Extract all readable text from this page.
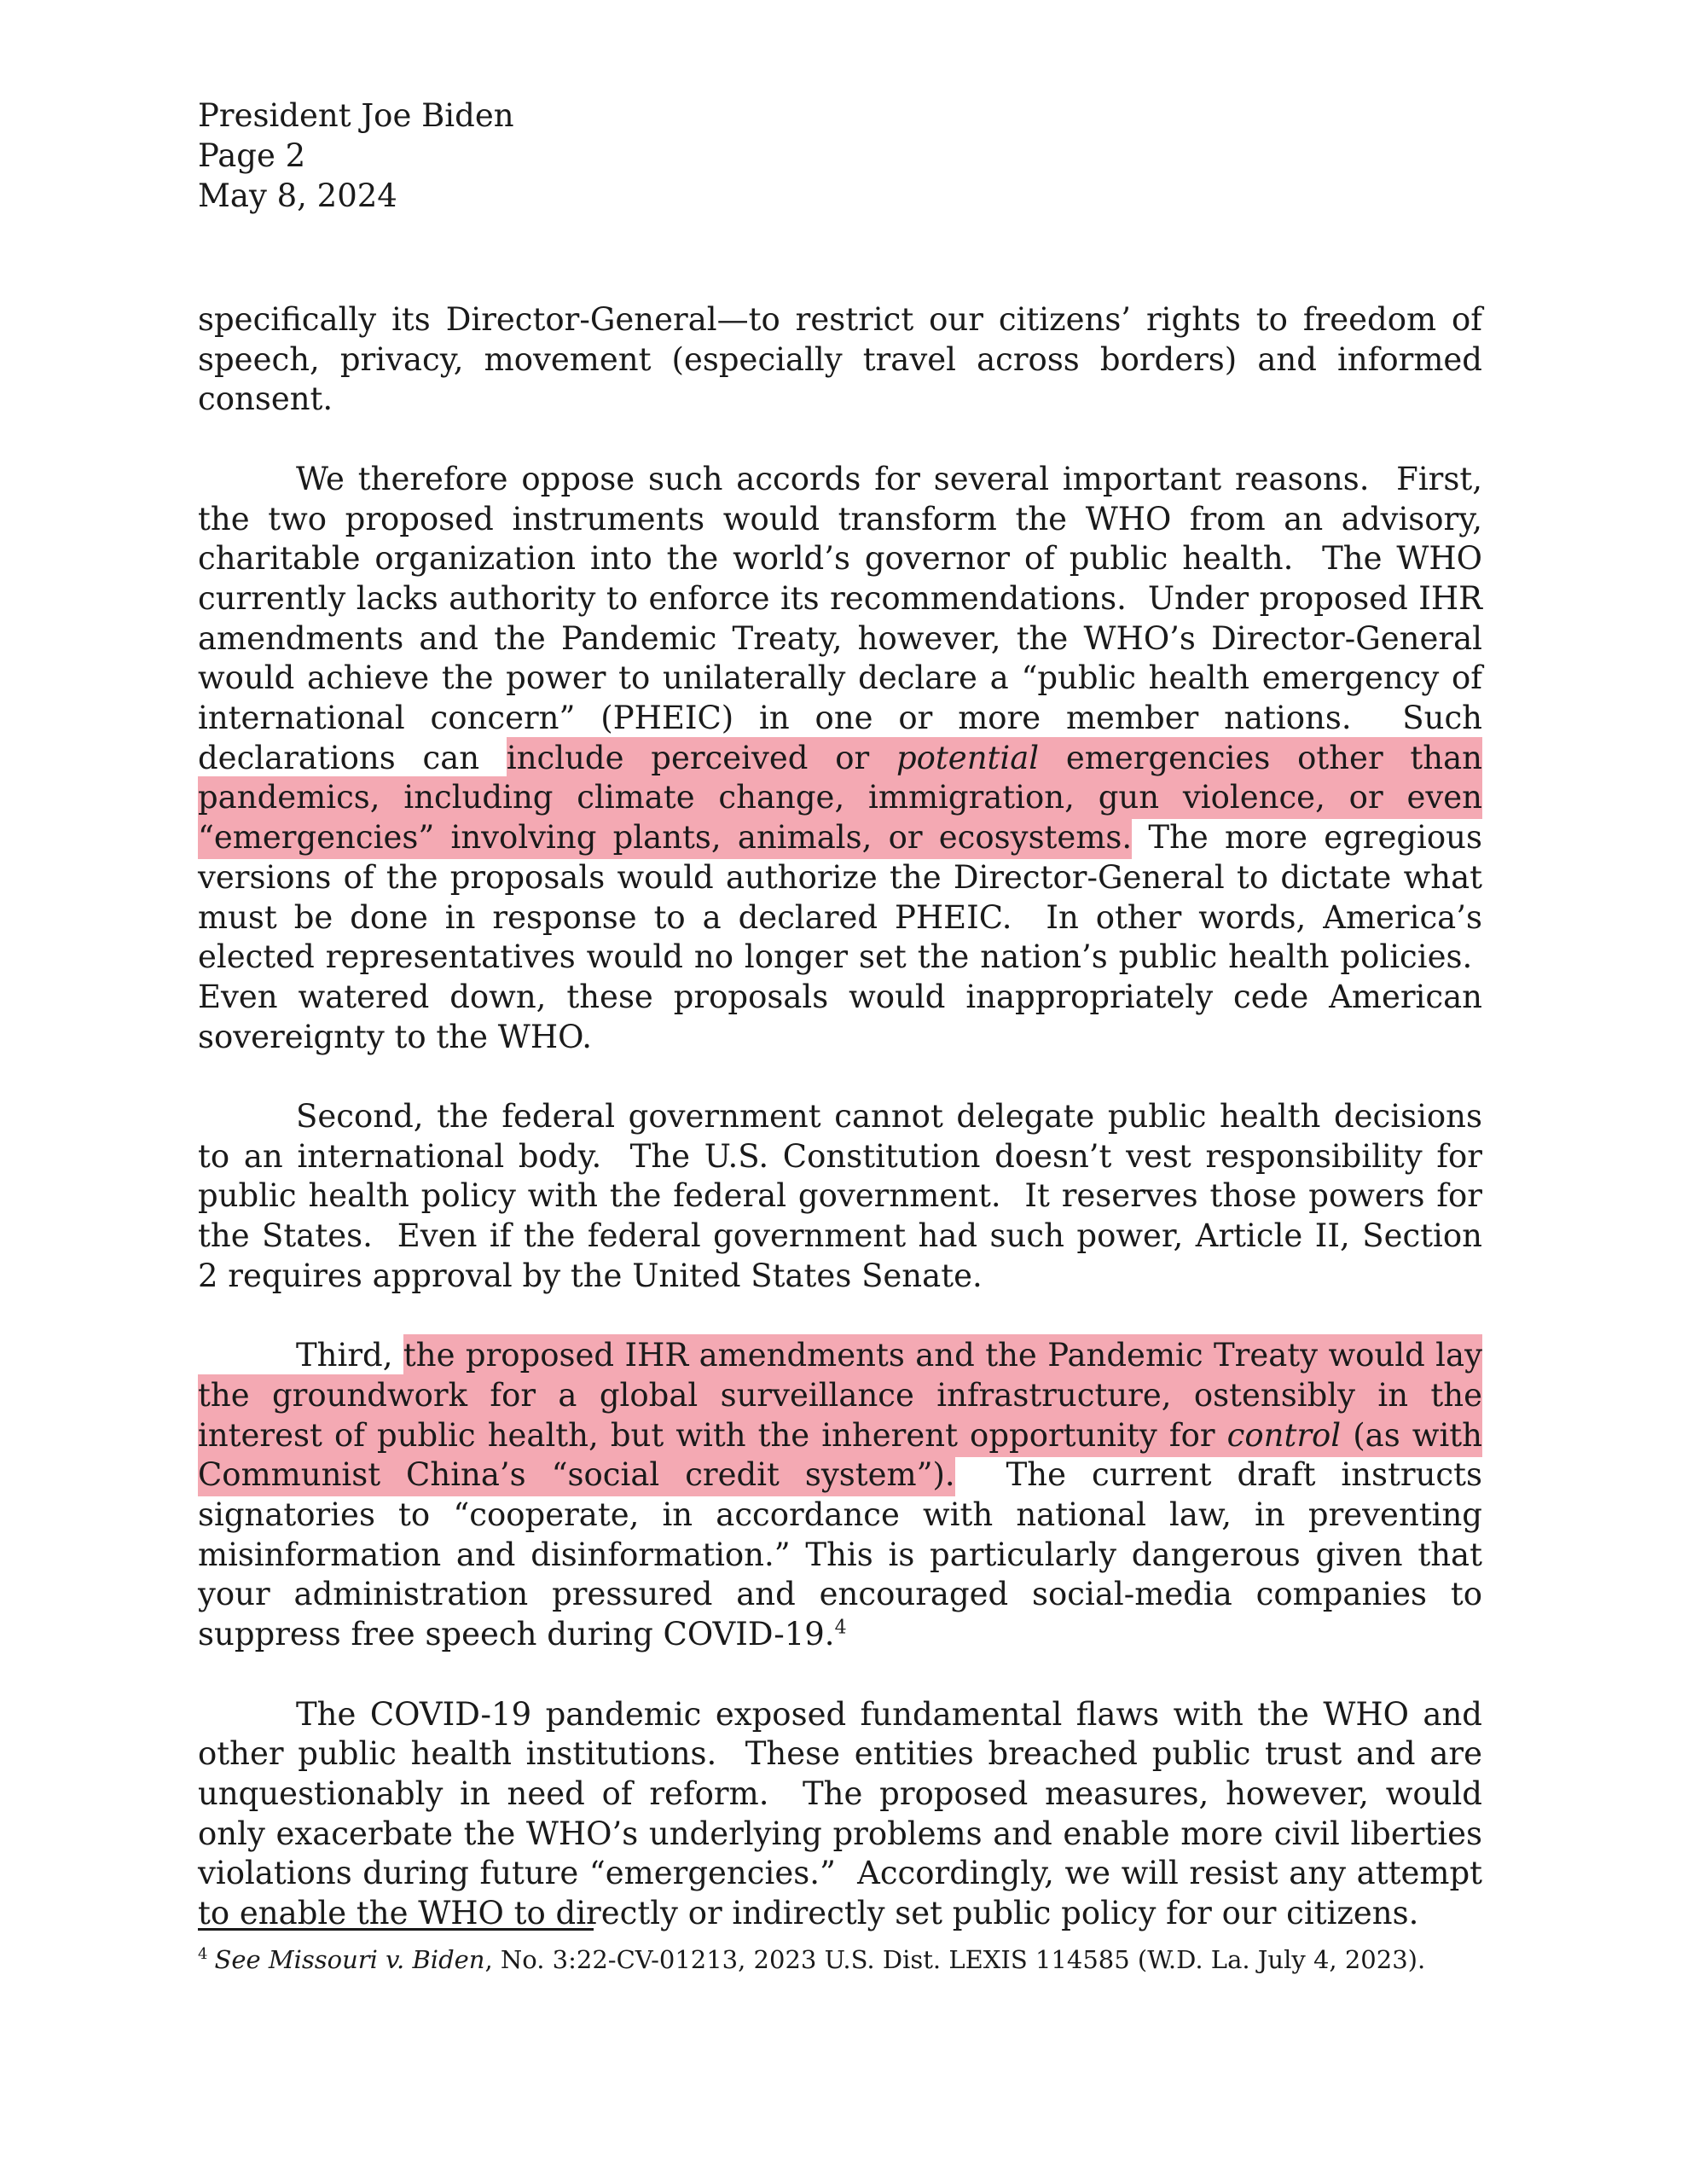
President Joe Biden
Page 2
May 8, 2024

specifically its Director-General—to restrict our citizens’ rights to freedom of speech, privacy, movement (especially travel across borders) and informed consent.

We therefore oppose such accords for several important reasons.  First, the two proposed instruments would transform the WHO from an advisory, charitable organization into the world’s governor of public health.  The WHO currently lacks authority to enforce its recommendations.  Under proposed IHR amendments and the Pandemic Treaty, however, the WHO’s Director-General would achieve the power to unilaterally declare a “public health emergency of international concern” (PHEIC) in one or more member nations.  Such declarations can include perceived or potential emergencies other than pandemics, including climate change, immigration, gun violence, or even “emergencies” involving plants, animals, or ecosystems. The more egregious versions of the proposals would authorize the Director-General to dictate what must be done in response to a declared PHEIC.  In other words, America’s elected representatives would no longer set the nation’s public health policies.  Even watered down, these proposals would inappropriately cede American sovereignty to the WHO.

Second, the federal government cannot delegate public health decisions to an international body.  The U.S. Constitution doesn’t vest responsibility for public health policy with the federal government.  It reserves those powers for the States.  Even if the federal government had such power, Article II, Section 2 requires approval by the United States Senate.

Third, the proposed IHR amendments and the Pandemic Treaty would lay the groundwork for a global surveillance infrastructure, ostensibly in the interest of public health, but with the inherent opportunity for control (as with Communist China’s “social credit system”).  The current draft instructs signatories to “cooperate, in accordance with national law, in preventing misinformation and disinformation.” This is particularly dangerous given that your administration pressured and encouraged social-media companies to suppress free speech during COVID-19.$^4$

The COVID-19 pandemic exposed fundamental flaws with the WHO and other public health institutions.  These entities breached public trust and are unquestionably in need of reform.  The proposed measures, however, would only exacerbate the WHO’s underlying problems and enable more civil liberties violations during future “emergencies.”  Accordingly, we will resist any attempt to enable the WHO to directly or indirectly set public policy for our citizens.

$^4$ See Missouri v. Biden, No. 3:22-CV-01213, 2023 U.S. Dist. LEXIS 114585 (W.D. La. July 4, 2023).
